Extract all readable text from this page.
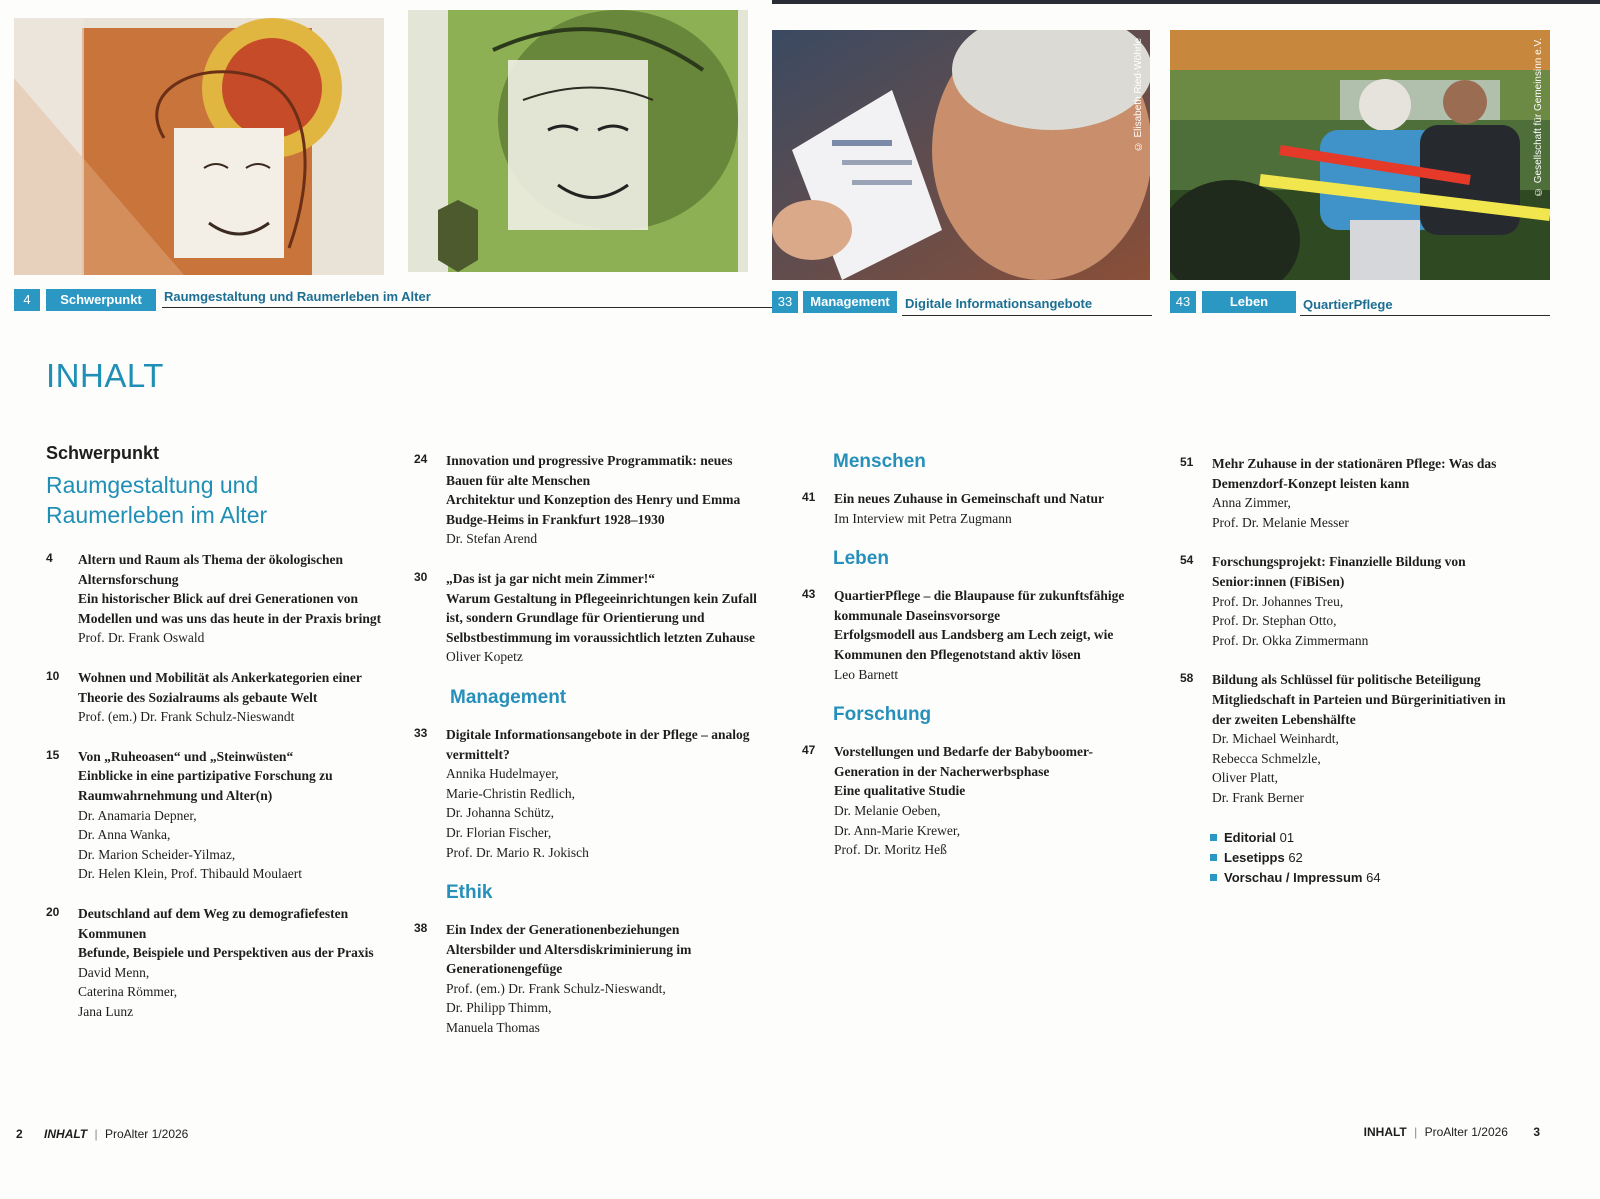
© Elisabeth Ried-Wöhrle	© Gesellschaft für Gemeinsinn e.V.
4	Schwerpunkt	Raumgestaltung und Raumerleben im Alter	33	Management	Digitale Informationsangebote	43	Leben	QuartierPflege
INHALT
Schwerpunkt
Raumgestaltung und
Raumerleben im Alter
4 Altern und Raum als Thema der ökologischen Alternsforschung
Ein historischer Blick auf drei Generationen von Modellen und was uns das heute in der Praxis bringt
Prof. Dr. Frank Oswald
10 Wohnen und Mobilität als Ankerkategorien einer Theorie des Sozialraums als gebaute Welt
Prof. (em.) Dr. Frank Schulz-Nieswandt
15 Von „Ruheoasen“ und „Steinwüsten“
Einblicke in eine partizipative Forschung zu Raumwahrnehmung und Alter(n)
Dr. Anamaria Depner,
Dr. Anna Wanka,
Dr. Marion Scheider-Yilmaz,
Dr. Helen Klein, Prof. Thibauld Moulaert
20 Deutschland auf dem Weg zu demografiefesten Kommunen
Befunde, Beispiele und Perspektiven aus der Praxis
David Menn,
Caterina Römmer,
Jana Lunz
24 Innovation und progressive Programmatik: neues Bauen für alte Menschen
Architektur und Konzeption des Henry und Emma Budge-Heims in Frankfurt 1928–1930
Dr. Stefan Arend
30 „Das ist ja gar nicht mein Zimmer!“
Warum Gestaltung in Pflegeeinrichtungen kein Zufall ist, sondern Grundlage für Orientierung und Selbstbestimmung im voraussichtlich letzten Zuhause
Oliver Kopetz
Management
33 Digitale Informationsangebote in der Pflege – analog vermittelt?
Annika Hudelmayer,
Marie-Christin Redlich,
Dr. Johanna Schütz,
Dr. Florian Fischer,
Prof. Dr. Mario R. Jokisch
Ethik
38 Ein Index der Generationenbeziehungen
Altersbilder und Altersdiskriminierung im Generationengefüge
Prof. (em.) Dr. Frank Schulz-Nieswandt,
Dr. Philipp Thimm,
Manuela Thomas
Menschen
41 Ein neues Zuhause in Gemeinschaft und Natur
Im Interview mit Petra Zugmann
Leben
43 QuartierPflege – die Blaupause für zukunftsfähige kommunale Daseinsvorsorge
Erfolgsmodell aus Landsberg am Lech zeigt, wie Kommunen den Pflegenotstand aktiv lösen
Leo Barnett
Forschung
47 Vorstellungen und Bedarfe der Babyboomer-Generation in der Nacherwerbsphase
Eine qualitative Studie
Dr. Melanie Oeben,
Dr. Ann-Marie Krewer,
Prof. Dr. Moritz Heß
51 Mehr Zuhause in der stationären Pflege: Was das Demenzdorf-Konzept leisten kann
Anna Zimmer,
Prof. Dr. Melanie Messer
54 Forschungsprojekt: Finanzielle Bildung von Senior:innen (FiBiSen)
Prof. Dr. Johannes Treu,
Prof. Dr. Stephan Otto,
Prof. Dr. Okka Zimmermann
58 Bildung als Schlüssel für politische Beteiligung
Mitgliedschaft in Parteien und Bürgerinitiativen in der zweiten Lebenshälfte
Dr. Michael Weinhardt,
Rebecca Schmelzle,
Oliver Platt,
Dr. Frank Berner
Editorial 01
Lesetipps 62
Vorschau / Impressum 64
2 INHALT | ProAlter 1/2026	INHALT | ProAlter 1/2026 3
